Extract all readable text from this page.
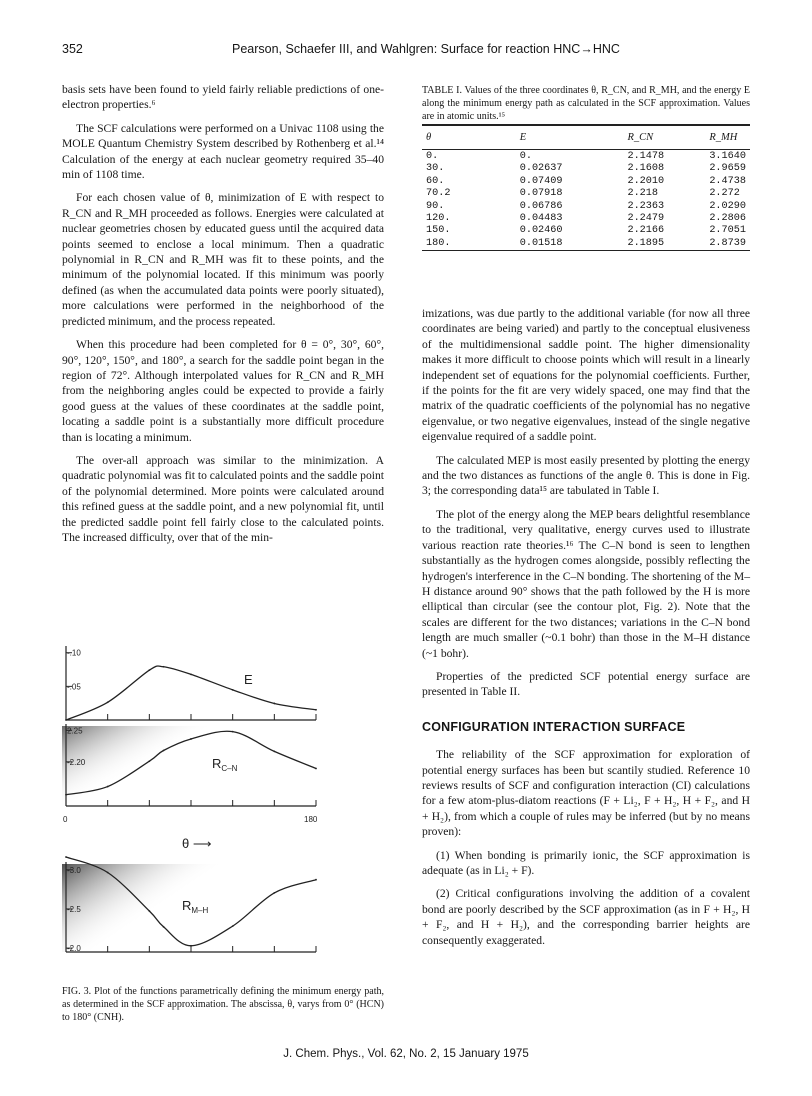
352	Pearson, Schaefer III, and Wahlgren: Surface for reaction HNC→HNC

basis sets have been found to yield fairly reliable predictions of one-electron properties.⁶

The SCF calculations were performed on a Univac 1108 using the MOLE Quantum Chemistry System described by Rothenberg et al.¹⁴ Calculation of the energy at each nuclear geometry required 35–40 min of 1108 time.

For each chosen value of θ, minimization of E with respect to R_CN and R_MH proceeded as follows. Energies were calculated at nuclear geometries chosen by educated guess until the acquired data points seemed to enclose a local minimum. Then a quadratic polynomial in R_CN and R_MH was fit to these points, and the minimum of the polynomial located. If this minimum was poorly defined (as when the accumulated data points were poorly situated), more calculations were performed in the neighborhood of the predicted minimum, and the process repeated.

When this procedure had been completed for θ = 0°, 30°, 60°, 90°, 120°, 150°, and 180°, a search for the saddle point began in the region of 72°. Although interpolated values for R_CN and R_MH from the neighboring angles could be expected to provide a fairly good guess at the values of these coordinates at the saddle point, locating a saddle point is a substantially more difficult procedure than is locating a minimum.

The over-all approach was similar to the minimization. A quadratic polynomial was fit to calculated points and the saddle point of the polynomial determined. More points were calculated around this refined guess at the saddle point, and a new polynomial fit, until the predicted saddle point fell fairly close to the calculated points. The increased difficulty, over that of the min-

TABLE I. Values of the three coordinates θ, R_CN, and R_MH, and the energy E along the minimum energy path as calculated in the SCF approximation. Values are in atomic units.¹⁵
θ	E	R_CN	R_MH
0.	0.	2.1478	3.1640
30.	0.02637	2.1608	2.9659
60.	0.07409	2.2010	2.4738
70.2	0.07918	2.218	2.272
90.	0.06786	2.2363	2.0290
120.	0.04483	2.2479	2.2806
150.	0.02460	2.2166	2.7051
180.	0.01518	2.1895	2.8739
-.10
-.05	E
2.25
-2.20	$R_{C-N}$
-3.0
-2.5
-2.0
$R_{M-H}$
0	180
θ ⟶
FIG. 3. Plot of the functions parametrically defining the minimum energy path, as determined in the SCF approximation. The abscissa, θ, varys from 0° (HCN) to 180° (CNH).

imizations, was due partly to the additional variable (for now all three coordinates are being varied) and partly to the conceptual elusiveness of the multidimensional saddle point. The higher dimensionality makes it more difficult to choose points which will result in a linearly independent set of equations for the polynomial coefficients. Further, if the points for the fit are very widely spaced, one may find that the matrix of the quadratic coefficients of the polynomial has no negative eigenvalue, or two negative eigenvalues, instead of the single negative eigenvalue required of a saddle point.

The calculated MEP is most easily presented by plotting the energy and the two distances as functions of the angle θ. This is done in Fig. 3; the corresponding data¹⁵ are tabulated in Table I.

The plot of the energy along the MEP bears delightful resemblance to the traditional, very qualitative, energy curves used to illustrate various reaction rate theories.¹⁶ The C–N bond is seen to lengthen substantially as the hydrogen comes alongside, possibly reflecting the hydrogen's interference in the C–N bonding. The shortening of the M–H distance around 90° shows that the path followed by the H is more elliptical than circular (see the contour plot, Fig. 2). Note that the scales are different for the two distances; variations in the C–N bond length are much smaller (~0.1 bohr) than those in the M–H distance (~1 bohr).

Properties of the predicted SCF potential energy surface are presented in Table II.

CONFIGURATION INTERACTION SURFACE

The reliability of the SCF approximation for exploration of potential energy surfaces has been but scantily studied. Reference 10 reviews results of SCF and configuration interaction (CI) calculations for a few atom-plus-diatom reactions (F + Li₂, F + H₂, H + F₂, and H + H₂), from which a couple of rules may be inferred (but by no means proven):

(1) When bonding is primarily ionic, the SCF approximation is adequate (as in Li₂ + F).

(2) Critical configurations involving the addition of a covalent bond are poorly described by the SCF approximation (as in F + H₂, H + F₂, and H + H₂), and the corresponding barrier heights are consequently exaggerated.

J. Chem. Phys., Vol. 62, No. 2, 15 January 1975
